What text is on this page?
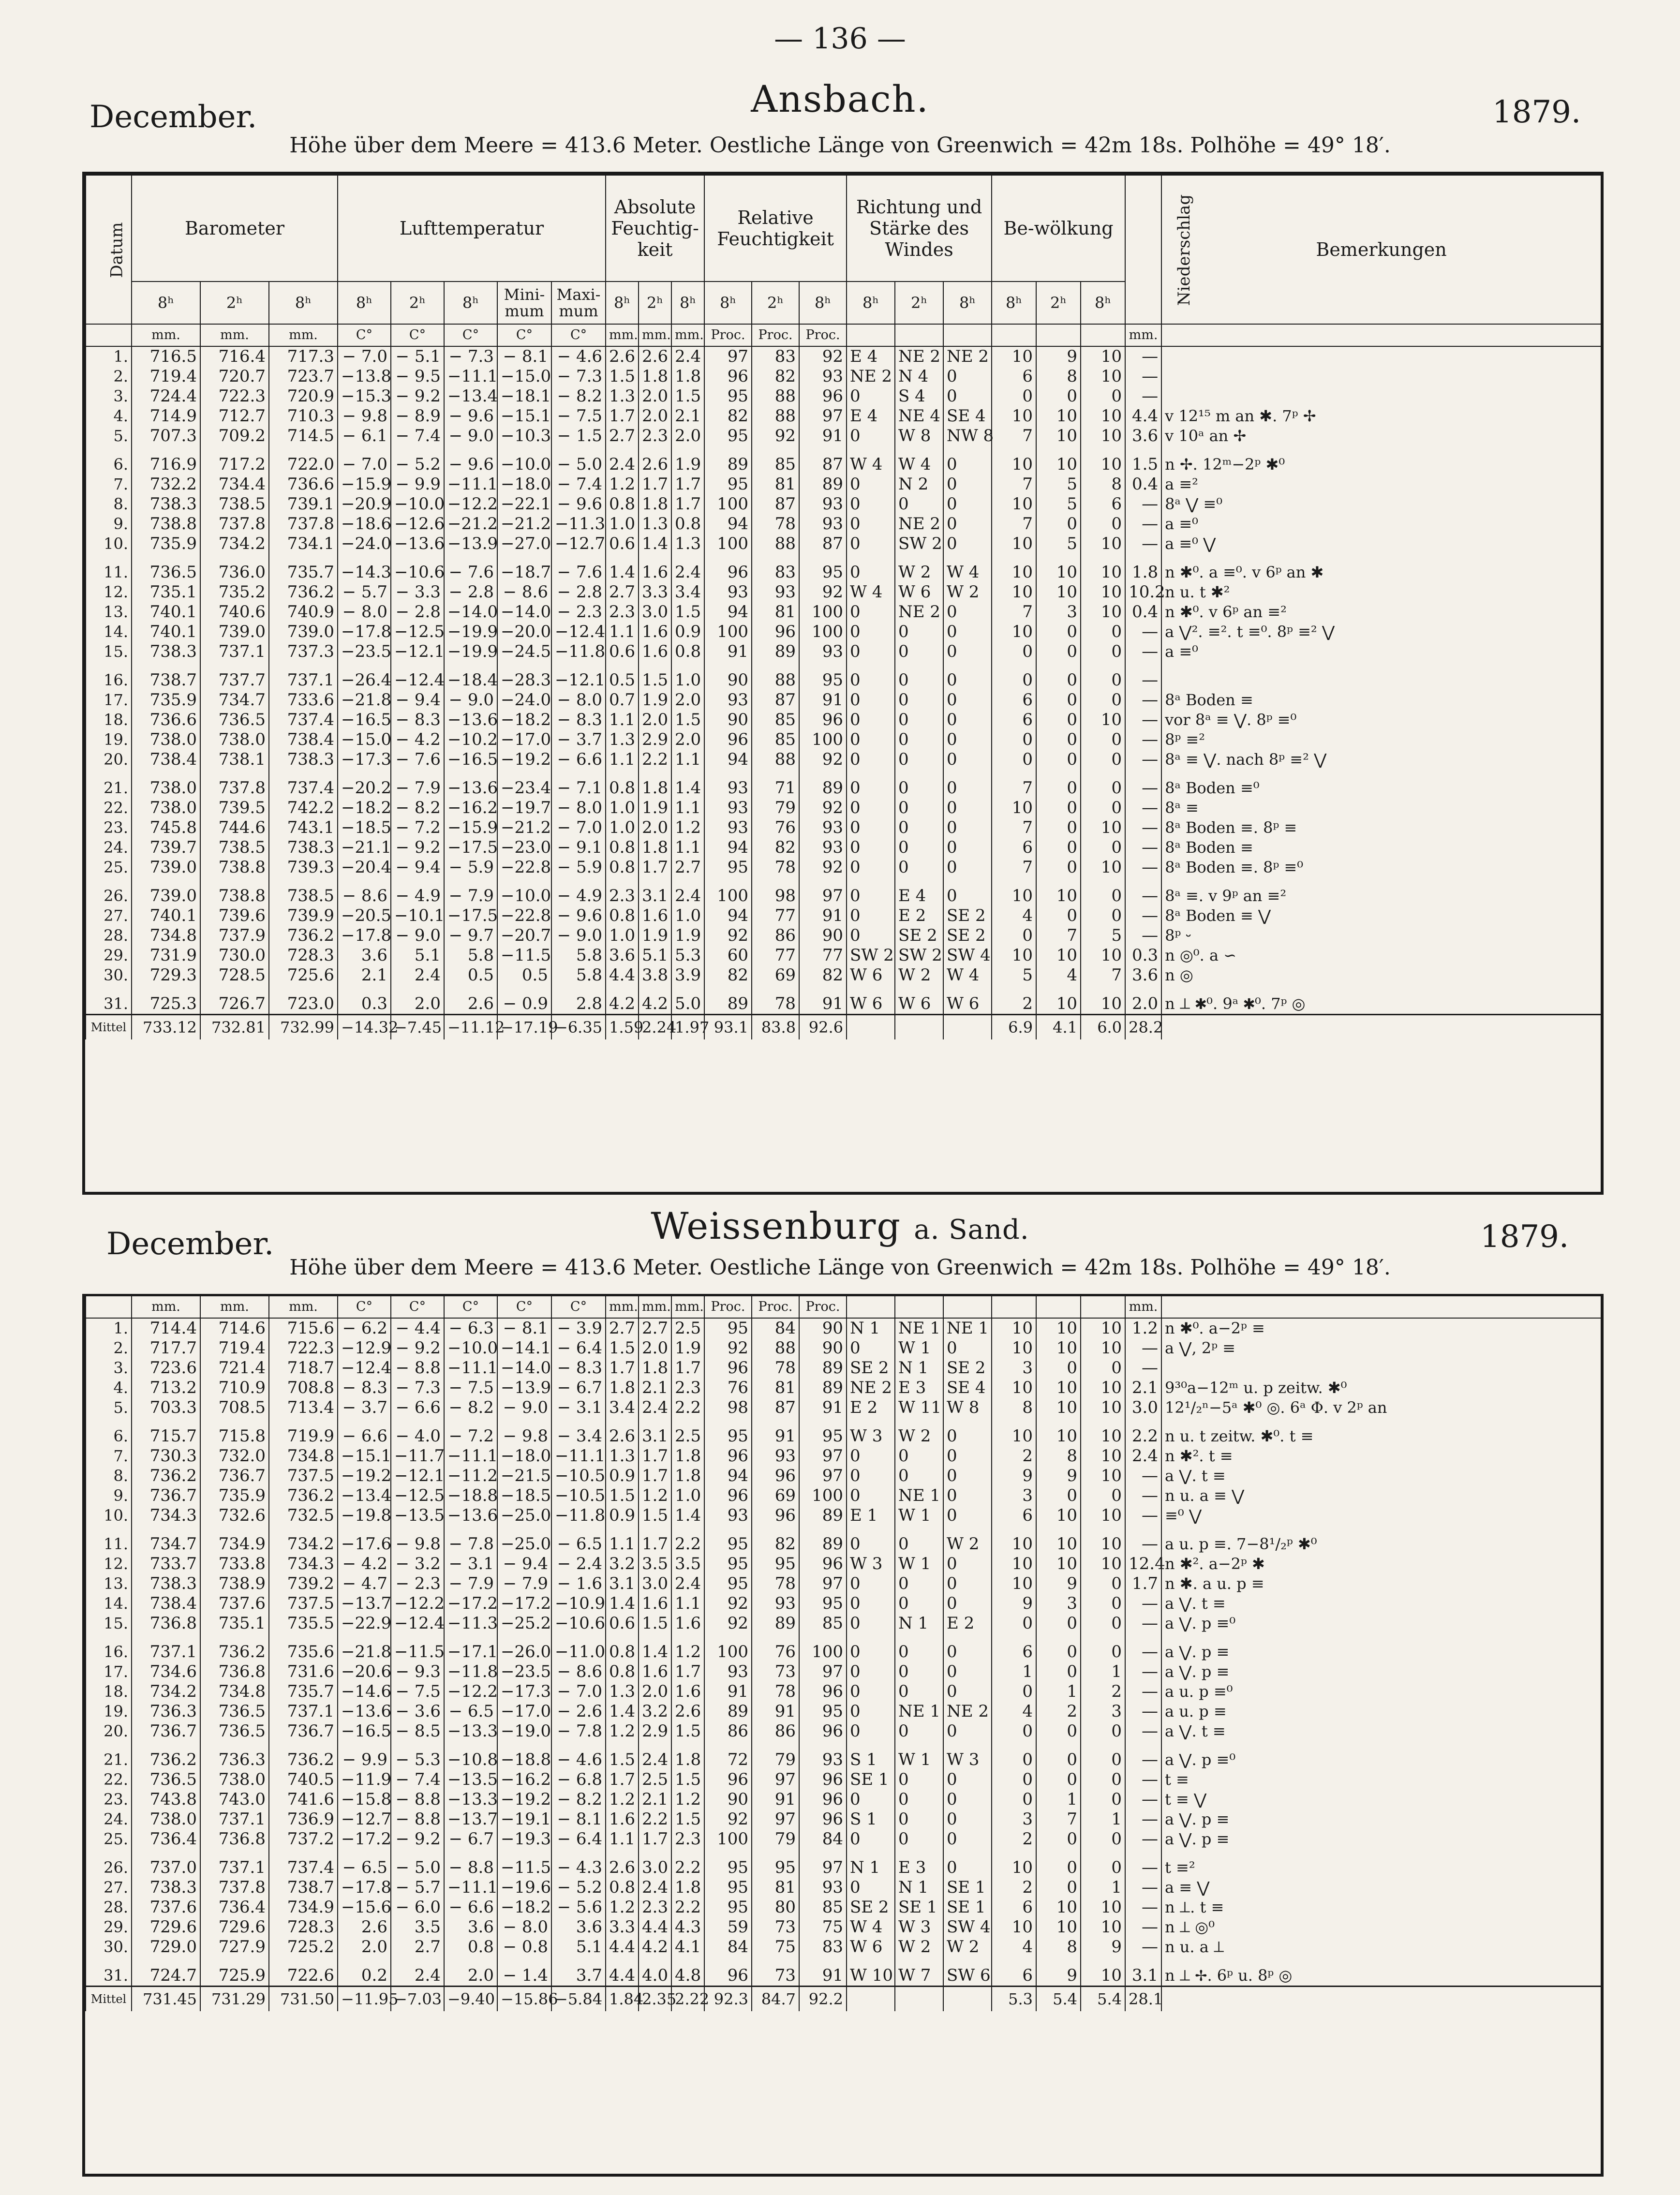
— 136 —
December.	Ansbach.	1879.
Höhe über dem Meere = 413.6 Meter. Oestliche Länge von Greenwich = 42m 18s. Polhöhe = 49° 18′.
Datum	Barometer			Lufttemperatur					Absolute Feuchtig-keit			Relative Feuchtigkeit			Richtung und Stärke des Windes			Be-wölkung			Niederschlag	Bemerkungen
	8ʰ	2ʰ	8ʰ	8ʰ	2ʰ	8ʰ	Mini-mum	Maxi-mum	8ʰ	2ʰ	8ʰ	8ʰ	2ʰ	8ʰ	8ʰ	2ʰ	8ʰ	8ʰ	2ʰ	8ʰ		
	mm.	mm.	mm.	C°	C°	C°	C°	C°	mm.	mm.	mm.	Proc.	Proc.	Proc.							mm.	
1.	716.5	716.4	717.3	− 7.0	− 5.1	− 7.3	− 8.1	− 4.6	2.6	2.6	2.4	97	83	92	E 4	NE 2	NE 2	10	9	10	—	
2.	719.4	720.7	723.7	−13.8	− 9.5	−11.1	−15.0	− 7.3	1.5	1.8	1.8	96	82	93	NE 2	N 4	0	6	8	10	—	
3.	724.4	722.3	720.9	−15.3	− 9.2	−13.4	−18.1	− 8.2	1.3	2.0	1.5	95	88	96	0	S 4	0	0	0	0	—	
4.	714.9	712.7	710.3	− 9.8	− 8.9	− 9.6	−15.1	− 7.5	1.7	2.0	2.1	82	88	97	E 4	NE 4	SE 4	10	10	10	4.4	v 12¹⁵ m an ✱. 7ᵖ ✢
5.	707.3	709.2	714.5	− 6.1	− 7.4	− 9.0	−10.3	− 1.5	2.7	2.3	2.0	95	92	91	0	W 8	NW 8	7	10	10	3.6	v 10ᵃ an ✢

6.	716.9	717.2	722.0	− 7.0	− 5.2	− 9.6	−10.0	− 5.0	2.4	2.6	1.9	89	85	87	W 4	W 4	0	10	10	10	1.5	n ✢. 12ᵐ−2ᵖ ✱⁰
7.	732.2	734.4	736.6	−15.9	− 9.9	−11.1	−18.0	− 7.4	1.2	1.7	1.7	95	81	89	0	N 2	0	7	5	8	0.4	a ≡²
8.	738.3	738.5	739.1	−20.9	−10.0	−12.2	−22.1	− 9.6	0.8	1.8	1.7	100	87	93	0	0	0	10	5	6	—	8ᵃ ⋁ ≡⁰
9.	738.8	737.8	737.8	−18.6	−12.6	−21.2	−21.2	−11.3	1.0	1.3	0.8	94	78	93	0	NE 2	0	7	0	0	—	a ≡⁰
10.	735.9	734.2	734.1	−24.0	−13.6	−13.9	−27.0	−12.7	0.6	1.4	1.3	100	88	87	0	SW 2	0	10	5	10	—	a ≡⁰ ⋁

11.	736.5	736.0	735.7	−14.3	−10.6	− 7.6	−18.7	− 7.6	1.4	1.6	2.4	96	83	95	0	W 2	W 4	10	10	10	1.8	n ✱⁰. a ≡⁰. v 6ᵖ an ✱
12.	735.1	735.2	736.2	− 5.7	− 3.3	− 2.8	− 8.6	− 2.8	2.7	3.3	3.4	93	93	92	W 4	W 6	W 2	10	10	10	10.2	n u. t ✱²
13.	740.1	740.6	740.9	− 8.0	− 2.8	−14.0	−14.0	− 2.3	2.3	3.0	1.5	94	81	100	0	NE 2	0	7	3	10	0.4	n ✱⁰. v 6ᵖ an ≡²
14.	740.1	739.0	739.0	−17.8	−12.5	−19.9	−20.0	−12.4	1.1	1.6	0.9	100	96	100	0	0	0	10	0	0	—	a ⋁². ≡². t ≡⁰. 8ᵖ ≡² ⋁
15.	738.3	737.1	737.3	−23.5	−12.1	−19.9	−24.5	−11.8	0.6	1.6	0.8	91	89	93	0	0	0	0	0	0	—	a ≡⁰

16.	738.7	737.7	737.1	−26.4	−12.4	−18.4	−28.3	−12.1	0.5	1.5	1.0	90	88	95	0	0	0	0	0	0	—	
17.	735.9	734.7	733.6	−21.8	− 9.4	− 9.0	−24.0	− 8.0	0.7	1.9	2.0	93	87	91	0	0	0	6	0	0	—	8ᵃ Boden ≡
18.	736.6	736.5	737.4	−16.5	− 8.3	−13.6	−18.2	− 8.3	1.1	2.0	1.5	90	85	96	0	0	0	6	0	10	—	vor 8ᵃ ≡ ⋁. 8ᵖ ≡⁰
19.	738.0	738.0	738.4	−15.0	− 4.2	−10.2	−17.0	− 3.7	1.3	2.9	2.0	96	85	100	0	0	0	0	0	0	—	8ᵖ ≡²
20.	738.4	738.1	738.3	−17.3	− 7.6	−16.5	−19.2	− 6.6	1.1	2.2	1.1	94	88	92	0	0	0	0	0	0	—	8ᵃ ≡ ⋁. nach 8ᵖ ≡² ⋁

21.	738.0	737.8	737.4	−20.2	− 7.9	−13.6	−23.4	− 7.1	0.8	1.8	1.4	93	71	89	0	0	0	7	0	0	—	8ᵃ Boden ≡⁰
22.	738.0	739.5	742.2	−18.2	− 8.2	−16.2	−19.7	− 8.0	1.0	1.9	1.1	93	79	92	0	0	0	10	0	0	—	8ᵃ ≡
23.	745.8	744.6	743.1	−18.5	− 7.2	−15.9	−21.2	− 7.0	1.0	2.0	1.2	93	76	93	0	0	0	7	0	10	—	8ᵃ Boden ≡. 8ᵖ ≡
24.	739.7	738.5	738.3	−21.1	− 9.2	−17.5	−23.0	− 9.1	0.8	1.8	1.1	94	82	93	0	0	0	6	0	0	—	8ᵃ Boden ≡
25.	739.0	738.8	739.3	−20.4	− 9.4	− 5.9	−22.8	− 5.9	0.8	1.7	2.7	95	78	92	0	0	0	7	0	10	—	8ᵃ Boden ≡. 8ᵖ ≡⁰

26.	739.0	738.8	738.5	− 8.6	− 4.9	− 7.9	−10.0	− 4.9	2.3	3.1	2.4	100	98	97	0	E 4	0	10	10	0	—	8ᵃ ≡. v 9ᵖ an ≡²
27.	740.1	739.6	739.9	−20.5	−10.1	−17.5	−22.8	− 9.6	0.8	1.6	1.0	94	77	91	0	E 2	SE 2	4	0	0	—	8ᵃ Boden ≡ ⋁
28.	734.8	737.9	736.2	−17.8	− 9.0	− 9.7	−20.7	− 9.0	1.0	1.9	1.9	92	86	90	0	SE 2	SE 2	0	7	5	—	8ᵖ ⏑
29.	731.9	730.0	728.3	3.6	5.1	5.8	−11.5	5.8	3.6	5.1	5.3	60	77	77	SW 2	SW 2	SW 4	10	10	10	0.3	n ◎⁰. a ∽
30.	729.3	728.5	725.6	2.1	2.4	0.5	0.5	5.8	4.4	3.8	3.9	82	69	82	W 6	W 2	W 4	5	4	7	3.6	n ◎

31.	725.3	726.7	723.0	0.3	2.0	2.6	− 0.9	2.8	4.2	4.2	5.0	89	78	91	W 6	W 6	W 6	2	10	10	2.0	n ⟂ ✱⁰. 9ᵃ ✱⁰. 7ᵖ ◎
Mittel	733.12	732.81	732.99	−14.32	−7.45	−11.12	−17.19	−6.35	1.59	2.24	1.97	93.1	83.8	92.6				6.9	4.1	6.0	28.2	
December.	Weissenburg a. Sand.	1879.
Höhe über dem Meere = 413.6 Meter. Oestliche Länge von Greenwich = 42m 18s. Polhöhe = 49° 18′.
	mm.	mm.	mm.	C°	C°	C°	C°	C°	mm.	mm.	mm.	Proc.	Proc.	Proc.							mm.	
1.	714.4	714.6	715.6	− 6.2	− 4.4	− 6.3	− 8.1	− 3.9	2.7	2.7	2.5	95	84	90	N 1	NE 1	NE 1	10	10	10	1.2	n ✱⁰. a−2ᵖ ≡
2.	717.7	719.4	722.3	−12.9	− 9.2	−10.0	−14.1	− 6.4	1.5	2.0	1.9	92	88	90	0	W 1	0	10	10	10	—	a ⋁, 2ᵖ ≡
3.	723.6	721.4	718.7	−12.4	− 8.8	−11.1	−14.0	− 8.3	1.7	1.8	1.7	96	78	89	SE 2	N 1	SE 2	3	0	0	—	
4.	713.2	710.9	708.8	− 8.3	− 7.3	− 7.5	−13.9	− 6.7	1.8	2.1	2.3	76	81	89	NE 2	E 3	SE 4	10	10	10	2.1	9³⁰a−12ᵐ u. p zeitw. ✱⁰
5.	703.3	708.5	713.4	− 3.7	− 6.6	− 8.2	− 9.0	− 3.1	3.4	2.4	2.2	98	87	91	E 2	W 11	W 8	8	10	10	3.0	12¹/₂ⁿ−5ᵃ ✱⁰ ◎. 6ᵃ Φ. v 2ᵖ an

6.	715.7	715.8	719.9	− 6.6	− 4.0	− 7.2	− 9.8	− 3.4	2.6	3.1	2.5	95	91	95	W 3	W 2	0	10	10	10	2.2	n u. t zeitw. ✱⁰. t ≡
7.	730.3	732.0	734.8	−15.1	−11.7	−11.1	−18.0	−11.1	1.3	1.7	1.8	96	93	97	0	0	0	2	8	10	2.4	n ✱². t ≡
8.	736.2	736.7	737.5	−19.2	−12.1	−11.2	−21.5	−10.5	0.9	1.7	1.8	94	96	97	0	0	0	9	9	10	—	a ⋁. t ≡
9.	736.7	735.9	736.2	−13.4	−12.5	−18.8	−18.5	−10.5	1.5	1.2	1.0	96	69	100	0	NE 1	0	3	0	0	—	n u. a ≡ ⋁
10.	734.3	732.6	732.5	−19.8	−13.5	−13.6	−25.0	−11.8	0.9	1.5	1.4	93	96	89	E 1	W 1	0	6	10	10	—	≡⁰ ⋁

11.	734.7	734.9	734.2	−17.6	− 9.8	− 7.8	−25.0	− 6.5	1.1	1.7	2.2	95	82	89	0	0	W 2	10	10	10	—	a u. p ≡. 7−8¹/₂ᵖ ✱⁰
12.	733.7	733.8	734.3	− 4.2	− 3.2	− 3.1	− 9.4	− 2.4	3.2	3.5	3.5	95	95	96	W 3	W 1	0	10	10	10	12.4	n ✱². a−2ᵖ ✱
13.	738.3	738.9	739.2	− 4.7	− 2.3	− 7.9	− 7.9	− 1.6	3.1	3.0	2.4	95	78	97	0	0	0	10	9	0	1.7	n ✱. a u. p ≡
14.	738.4	737.6	737.5	−13.7	−12.2	−17.2	−17.2	−10.9	1.4	1.6	1.1	92	93	95	0	0	0	9	3	0	—	a ⋁. t ≡
15.	736.8	735.1	735.5	−22.9	−12.4	−11.3	−25.2	−10.6	0.6	1.5	1.6	92	89	85	0	N 1	E 2	0	0	0	—	a ⋁. p ≡⁰

16.	737.1	736.2	735.6	−21.8	−11.5	−17.1	−26.0	−11.0	0.8	1.4	1.2	100	76	100	0	0	0	6	0	0	—	a ⋁. p ≡
17.	734.6	736.8	731.6	−20.6	− 9.3	−11.8	−23.5	− 8.6	0.8	1.6	1.7	93	73	97	0	0	0	1	0	1	—	a ⋁. p ≡
18.	734.2	734.8	735.7	−14.6	− 7.5	−12.2	−17.3	− 7.0	1.3	2.0	1.6	91	78	96	0	0	0	0	1	2	—	a u. p ≡⁰
19.	736.3	736.5	737.1	−13.6	− 3.6	− 6.5	−17.0	− 2.6	1.4	3.2	2.6	89	91	95	0	NE 1	NE 2	4	2	3	—	a u. p ≡
20.	736.7	736.5	736.7	−16.5	− 8.5	−13.3	−19.0	− 7.8	1.2	2.9	1.5	86	86	96	0	0	0	0	0	0	—	a ⋁. t ≡

21.	736.2	736.3	736.2	− 9.9	− 5.3	−10.8	−18.8	− 4.6	1.5	2.4	1.8	72	79	93	S 1	W 1	W 3	0	0	0	—	a ⋁. p ≡⁰
22.	736.5	738.0	740.5	−11.9	− 7.4	−13.5	−16.2	− 6.8	1.7	2.5	1.5	96	97	96	SE 1	0	0	0	0	0	—	t ≡
23.	743.8	743.0	741.6	−15.8	− 8.8	−13.3	−19.2	− 8.2	1.2	2.1	1.2	90	91	96	0	0	0	0	1	0	—	t ≡ ⋁
24.	738.0	737.1	736.9	−12.7	− 8.8	−13.7	−19.1	− 8.1	1.6	2.2	1.5	92	97	96	S 1	0	0	3	7	1	—	a ⋁. p ≡
25.	736.4	736.8	737.2	−17.2	− 9.2	− 6.7	−19.3	− 6.4	1.1	1.7	2.3	100	79	84	0	0	0	2	0	0	—	a ⋁. p ≡

26.	737.0	737.1	737.4	− 6.5	− 5.0	− 8.8	−11.5	− 4.3	2.6	3.0	2.2	95	95	97	N 1	E 3	0	10	0	0	—	t ≡²
27.	738.3	737.8	738.7	−17.8	− 5.7	−11.1	−19.6	− 5.2	0.8	2.4	1.8	95	81	93	0	N 1	SE 1	2	0	1	—	a ≡ ⋁
28.	737.6	736.4	734.9	−15.6	− 6.0	− 6.6	−18.2	− 5.6	1.2	2.3	2.2	95	80	85	SE 2	SE 1	SE 1	6	10	10	—	n ⟂. t ≡
29.	729.6	729.6	728.3	2.6	3.5	3.6	− 8.0	3.6	3.3	4.4	4.3	59	73	75	W 4	W 3	SW 4	10	10	10	—	n ⟂ ◎⁰
30.	729.0	727.9	725.2	2.0	2.7	0.8	− 0.8	5.1	4.4	4.2	4.1	84	75	83	W 6	W 2	W 2	4	8	9	—	n u. a ⟂

31.	724.7	725.9	722.6	0.2	2.4	2.0	− 1.4	3.7	4.4	4.0	4.8	96	73	91	W 10	W 7	SW 6	6	9	10	3.1	n ⟂ ✢. 6ᵖ u. 8ᵖ ◎
Mittel	731.45	731.29	731.50	−11.95	−7.03	−9.40	−15.86	−5.84	1.84	2.35	2.22	92.3	84.7	92.2				5.3	5.4	5.4	28.1	
